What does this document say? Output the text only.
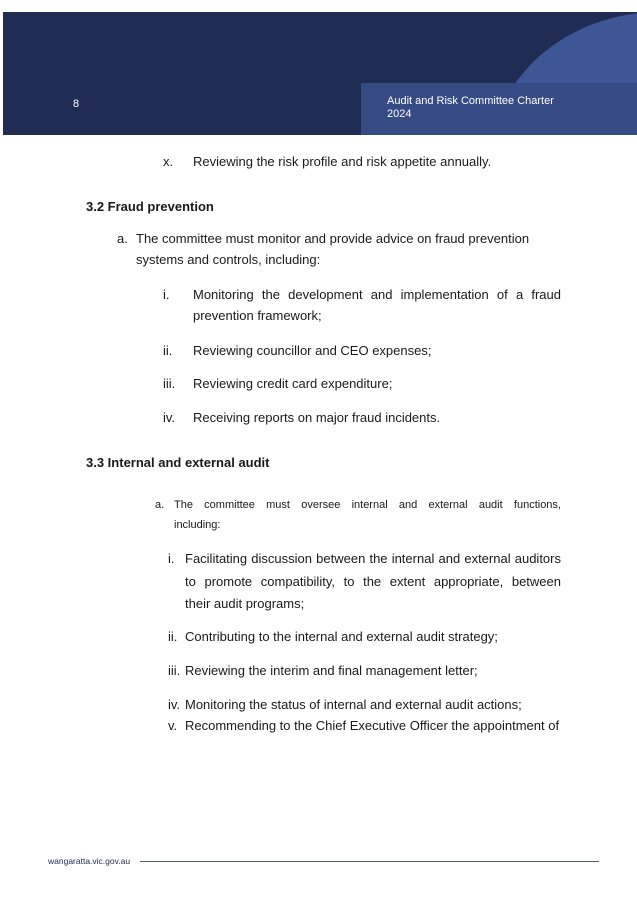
8	Audit and Risk Committee Charter
2024
x. Reviewing the risk profile and risk appetite annually.
3.2 Fraud prevention
a. The committee must monitor and provide advice on fraud prevention
systems and controls, including:
i. Monitoring the development and implementation of a fraud
prevention framework;
ii. Reviewing councillor and CEO expenses;
iii. Reviewing credit card expenditure;
iv. Receiving reports on major fraud incidents.
3.3 Internal and external audit
a. The committee must oversee internal and external audit functions,
including:
i. Facilitating discussion between the internal and external auditors
to promote compatibility, to the extent appropriate, between
their audit programs;
ii. Contributing to the internal and external audit strategy;
iii. Reviewing the interim and final management letter;
iv. Monitoring the status of internal and external audit actions;
v. Recommending to the Chief Executive Officer the appointment of
wangaratta.vic.gov.au
